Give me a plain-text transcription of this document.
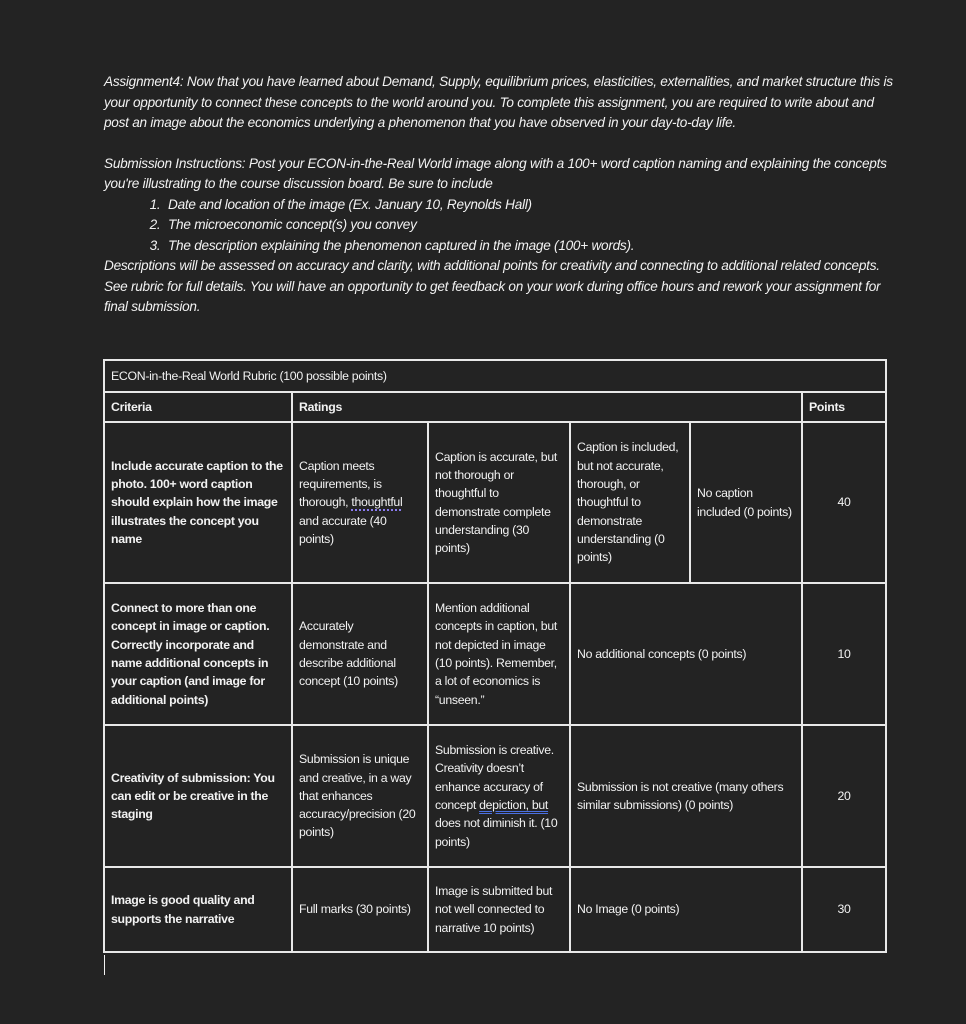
Assignment4: Now that you have learned about Demand, Supply, equilibrium prices, elasticities, externalities, and market structure this is your opportunity to connect these concepts to the world around you. To complete this assignment, you are required to write about and post an image about the economics underlying a phenomenon that you have observed in your day-to-day life.

Submission Instructions: Post your ECON-in-the-Real World image along with a 100+ word caption naming and explaining the concepts you're illustrating to the course discussion board. Be sure to include

1. Date and location of the image (Ex. January 10, Reynolds Hall)
2. The microeconomic concept(s) you convey
3. The description explaining the phenomenon captured in the image (100+ words).

Descriptions will be assessed on accuracy and clarity, with additional points for creativity and connecting to additional related concepts. See rubric for full details. You will have an opportunity to get feedback on your work during office hours and rework your assignment for final submission.

ECON-in-the-Real World Rubric (100 possible points)					
Criteria	Ratings				Points
Include accurate caption to the photo. 100+ word caption should explain how the image illustrates the concept you name	Caption meets requirements, is thorough, thoughtful and accurate (40 points)	Caption is accurate, but not thorough or thoughtful to demonstrate complete understanding (30 points)	Caption is included, but not accurate, thorough, or thoughtful to demonstrate understanding (0 points)	No caption included (0 points)	40
Connect to more than one concept in image or caption. Correctly incorporate and name additional concepts in your caption (and image for additional points)	Accurately demonstrate and describe additional concept (10 points)	Mention additional concepts in caption, but not depicted in image (10 points). Remember, a lot of economics is “unseen.”	No additional concepts (0 points)		10
Creativity of submission: You can edit or be creative in the staging	Submission is unique and creative, in a way that enhances accuracy/precision (20 points)	Submission is creative. Creativity doesn’t enhance accuracy of concept depiction, but does not diminish it. (10 points)	Submission is not creative (many others similar submissions) (0 points)		20
Image is good quality and supports the narrative	Full marks (30 points)	Image is submitted but not well connected to narrative 10 points)	No Image (0 points)		30
